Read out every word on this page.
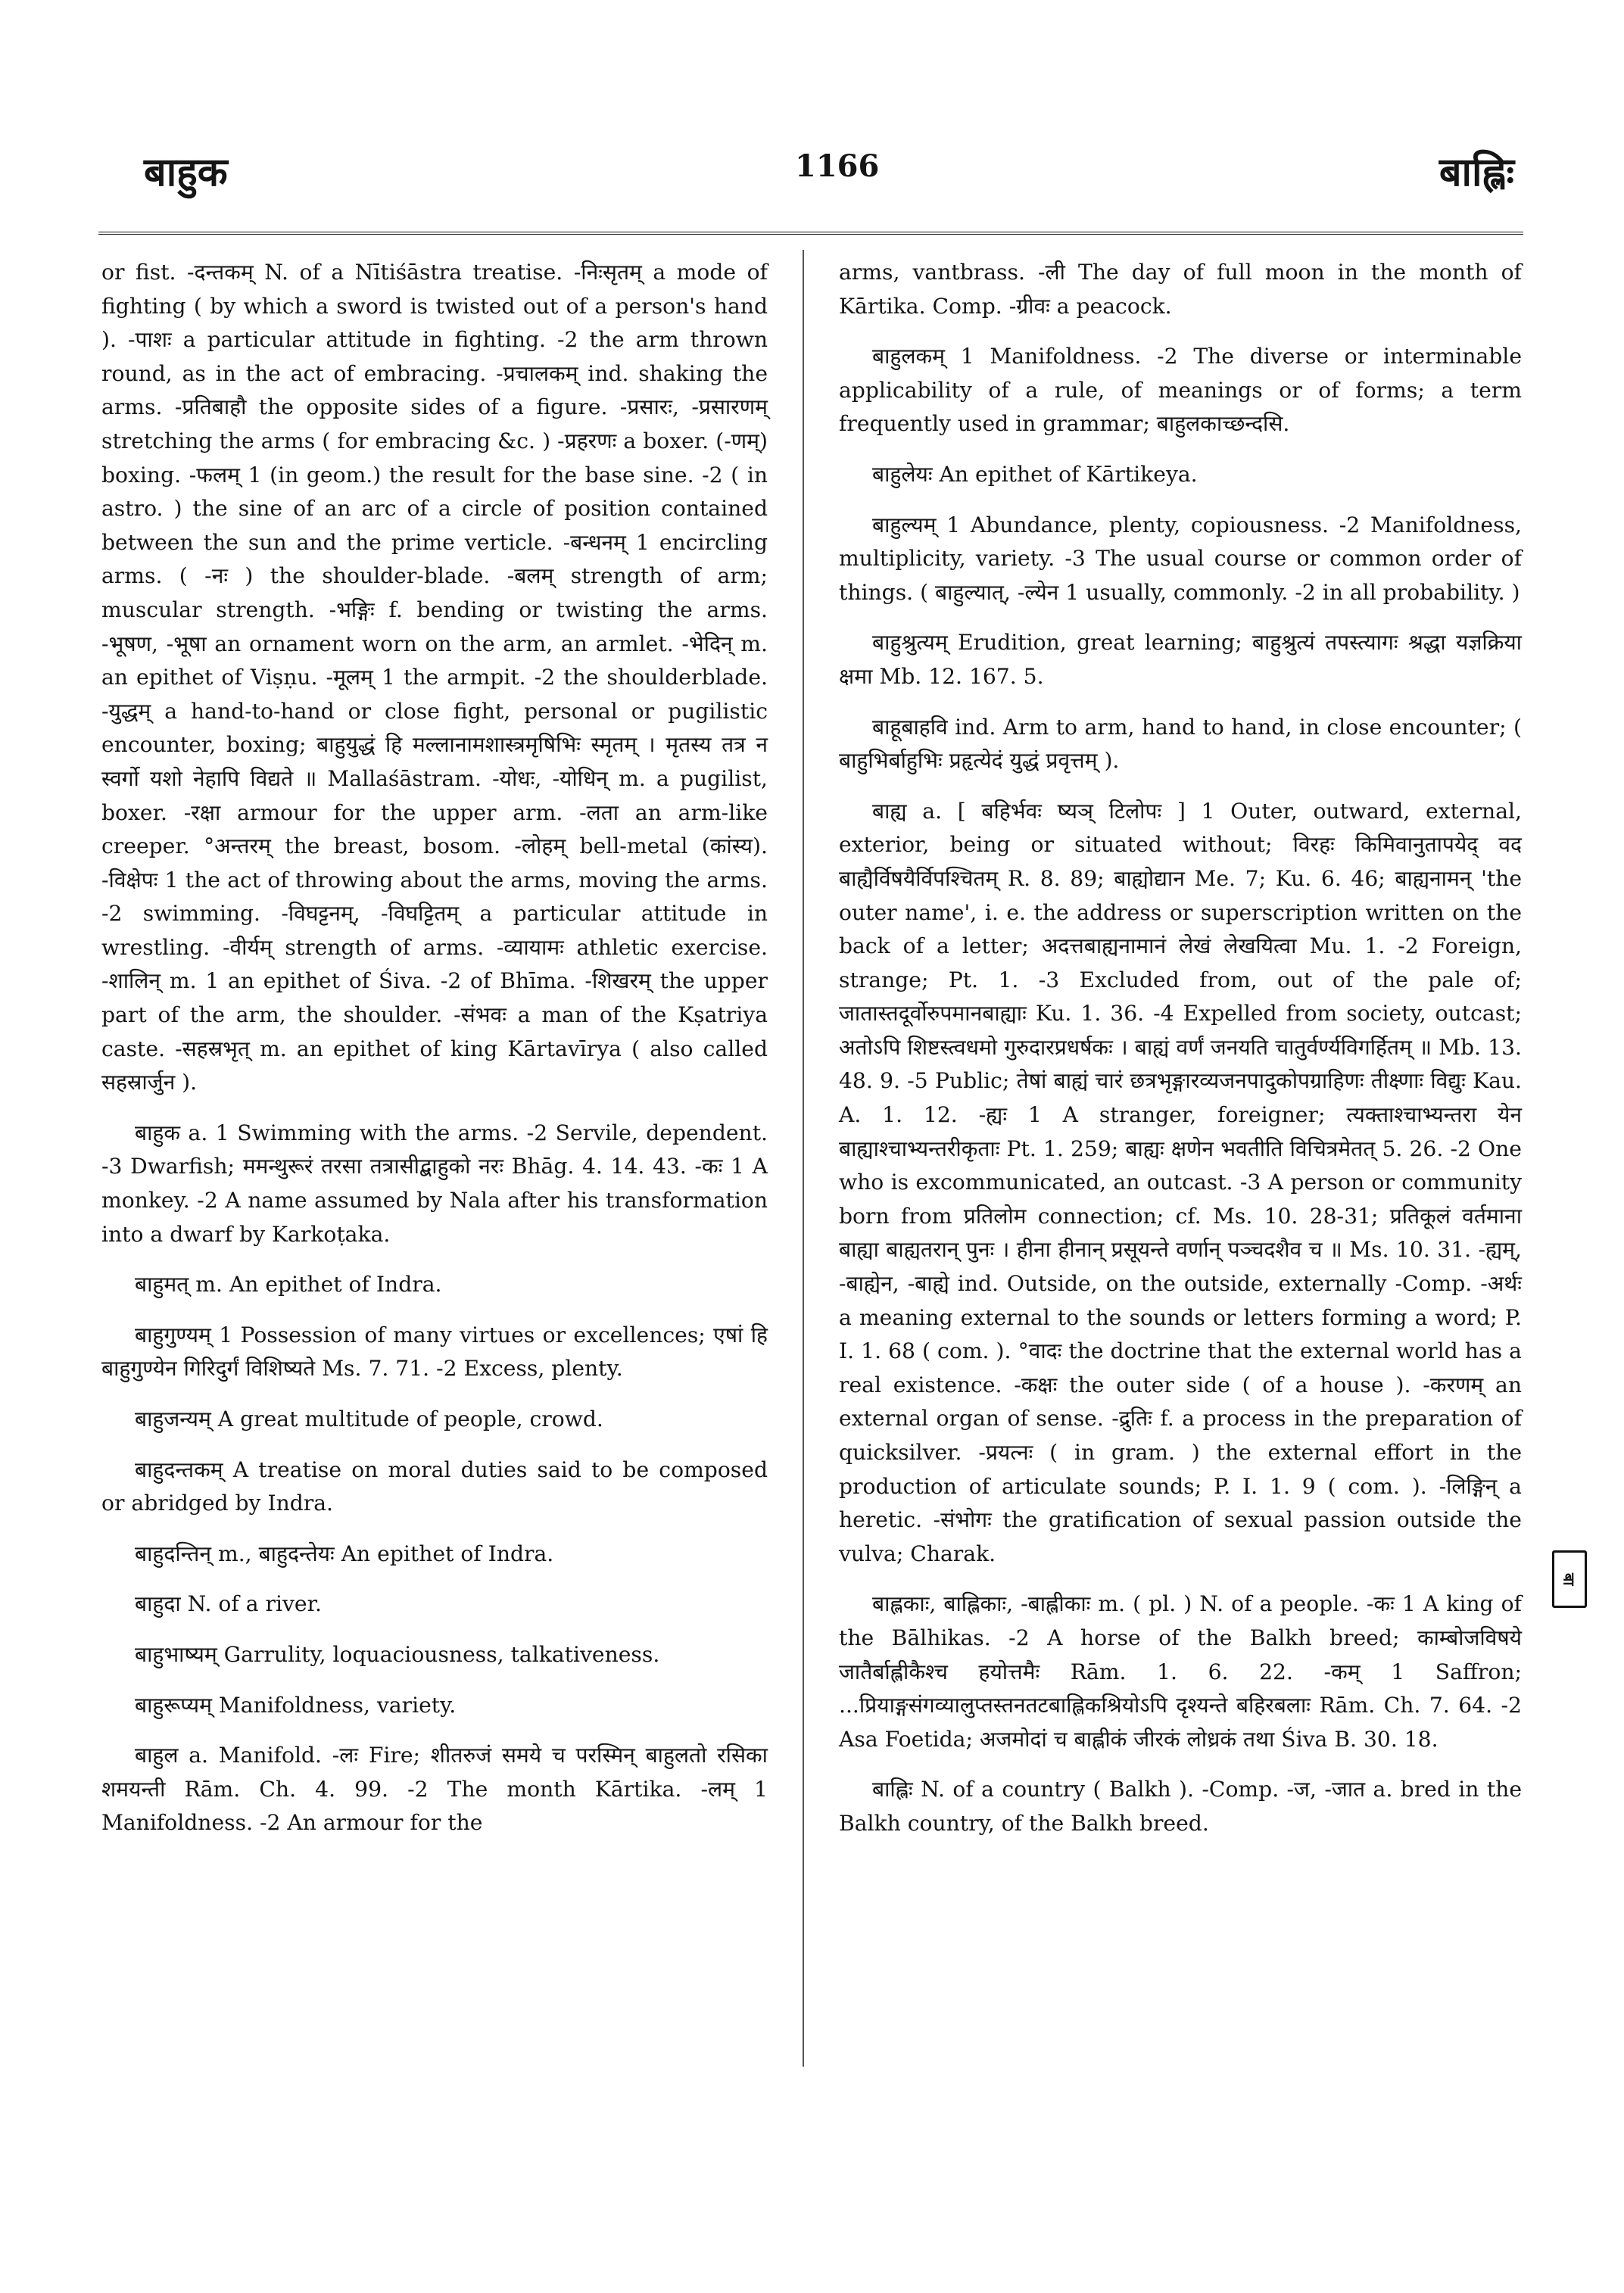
बाहुक	1166	बाह्लिः
or fist. -दन्तकम् N. of a Nītiśāstra treatise. -निःसृतम् a mode of fighting ( by which a sword is twisted out of a person's hand ). -पाशः a particular attitude in fighting. -2 the arm thrown round, as in the act of embracing. -प्रचालकम् ind. shaking the arms. -प्रतिबाहौ the opposite sides of a figure. -प्रसारः, -प्रसारणम् stretching the arms ( for embracing &c. ) -प्रहरणः a boxer. (-णम्) boxing. -फलम् 1 (in geom.) the result for the base sine. -2 ( in astro. ) the sine of an arc of a circle of position contained between the sun and the prime verticle. -बन्धनम् 1 encircling arms. ( -नः ) the shoulder-blade. -बलम् strength of arm; muscular strength. -भङ्गिः f. bending or twisting the arms. -भूषण, -भूषा an ornament worn on the arm, an armlet. -भेदिन् m. an epithet of Viṣṇu. -मूलम् 1 the armpit. -2 the shoulderblade. -युद्धम् a hand-to-hand or close fight, personal or pugilistic encounter, boxing; बाहुयुद्धं हि मल्लानामशास्त्रमृषिभिः स्मृतम् । मृतस्य तत्र न स्वर्गो यशो नेहापि विद्यते ॥ Mallaśāstram. -योधः, -योधिन् m. a pugilist, boxer. -रक्षा armour for the upper arm. -लता an arm-like creeper. °अन्तरम् the breast, bosom. -लोहम् bell-metal (कांस्य). -विक्षेपः 1 the act of throwing about the arms, moving the arms. -2 swimming. -विघट्टनम्, -विघट्टितम् a particular attitude in wrestling. -वीर्यम् strength of arms. -व्यायामः athletic exercise. -शालिन् m. 1 an epithet of Śiva. -2 of Bhīma. -शिखरम् the upper part of the arm, the shoulder. -संभवः a man of the Kṣatriya caste. -सहस्रभृत् m. an epithet of king Kārtavīrya ( also called सहस्रार्जुन ).
बाहुक a. 1 Swimming with the arms. -2 Servile, dependent. -3 Dwarfish; ममन्थुरूरं तरसा तत्रासीद्बाहुको नरः Bhāg. 4. 14. 43. -कः 1 A monkey. -2 A name assumed by Nala after his transformation into a dwarf by Karkoṭaka.
बाहुमत् m. An epithet of Indra.
बाहुगुण्यम् 1 Possession of many virtues or excellences; एषां हि बाहुगुण्येन गिरिदुर्गं विशिष्यते Ms. 7. 71. -2 Excess, plenty.
बाहुजन्यम् A great multitude of people, crowd.
बाहुदन्तकम् A treatise on moral duties said to be composed or abridged by Indra.
बाहुदन्तिन् m., बाहुदन्तेयः An epithet of Indra.
बाहुदा N. of a river.
बाहुभाष्यम् Garrulity, loquaciousness, talkativeness.
बाहुरूप्यम् Manifoldness, variety.
बाहुल a. Manifold. -लः Fire; शीतरुजं समये च परस्मिन् बाहुलतो रसिका शमयन्ती Rām. Ch. 4. 99. -2 The month Kārtika. -लम् 1 Manifoldness. -2 An armour for the
arms, vantbrass. -ली The day of full moon in the month of Kārtika. Comp. -ग्रीवः a peacock.
बाहुलकम् 1 Manifoldness. -2 The diverse or interminable applicability of a rule, of meanings or of forms; a term frequently used in grammar; बाहुलकाच्छन्दसि.
बाहुलेयः An epithet of Kārtikeya.
बाहुल्यम् 1 Abundance, plenty, copiousness. -2 Manifoldness, multiplicity, variety. -3 The usual course or common order of things. ( बाहुल्यात्, -ल्येन 1 usually, commonly. -2 in all probability. )
बाहुश्रुत्यम् Erudition, great learning; बाहुश्रुत्यं तपस्त्यागः श्रद्धा यज्ञक्रिया क्षमा Mb. 12. 167. 5.
बाहूबाहवि ind. Arm to arm, hand to hand, in close encounter; ( बाहुभिर्बाहुभिः प्रहृत्येदं युद्धं प्रवृत्तम् ).
बाह्य a. [ बहिर्भवः ष्यञ् टिलोपः ] 1 Outer, outward, external, exterior, being or situated without; विरहः किमिवानुतापयेद् वद बाह्यैर्विषयैर्विपश्चितम् R. 8. 89; बाह्योद्यान Me. 7; Ku. 6. 46; बाह्यनामन् 'the outer name', i. e. the address or superscription written on the back of a letter; अदत्तबाह्यनामानं लेखं लेखयित्वा Mu. 1. -2 Foreign, strange; Pt. 1. -3 Excluded from, out of the pale of; जातास्तदूर्वोरुपमानबाह्याः Ku. 1. 36. -4 Expelled from society, outcast; अतोऽपि शिष्टस्त्वधमो गुरुदारप्रधर्षकः । बाह्यं वर्णं जनयति चातुर्वर्ण्यविगर्हितम् ॥ Mb. 13. 48. 9. -5 Public; तेषां बाह्यं चारं छत्रभृङ्गारव्यजनपादुकोपग्राहिणः तीक्ष्णाः विद्युः Kau. A. 1. 12. -ह्यः 1 A stranger, foreigner; त्यक्ताश्चाभ्यन्तरा येन बाह्याश्चाभ्यन्तरीकृताः Pt. 1. 259; बाह्यः क्षणेन भवतीति विचित्रमेतत् 5. 26. -2 One who is excommunicated, an outcast. -3 A person or community born from प्रतिलोम connection; cf. Ms. 10. 28-31; प्रतिकूलं वर्तमाना बाह्या बाह्यतरान् पुनः । हीना हीनान् प्रसूयन्ते वर्णान् पञ्चदशैव च ॥ Ms. 10. 31. -ह्यम्, -बाह्येन, -बाह्ये ind. Outside, on the outside, externally -Comp. -अर्थः a meaning external to the sounds or letters forming a word; P. I. 1. 68 ( com. ). °वादः the doctrine that the external world has a real existence. -कक्षः the outer side ( of a house ). -करणम् an external organ of sense. -द्रुतिः f. a process in the preparation of quicksilver. -प्रयत्नः ( in gram. ) the external effort in the production of articulate sounds; P. I. 1. 9 ( com. ). -लिङ्गिन् a heretic. -संभोगः the gratification of sexual passion outside the vulva; Charak.
बाह्लकाः, बाह्लिकाः, -बाह्लीकाः m. ( pl. ) N. of a people. -कः 1 A king of the Bālhikas. -2 A horse of the Balkh breed; काम्बोजविषये जातैर्बाह्लीकैश्च हयोत्तमैः Rām. 1. 6. 22. -कम् 1 Saffron; ...प्रियाङ्गसंगव्यालुप्तस्तनतटबाह्लिकश्रियोऽपि दृश्यन्ते बहिरबलाः Rām. Ch. 7. 64. -2 Asa Foetida; अजमोदां च बाह्लीकं जीरकं लोध्रकं तथा Śiva B. 30. 18.
बाह्लिः N. of a country ( Balkh ). -Comp. -ज, -जात a. bred in the Balkh country, of the Balkh breed.
बा
